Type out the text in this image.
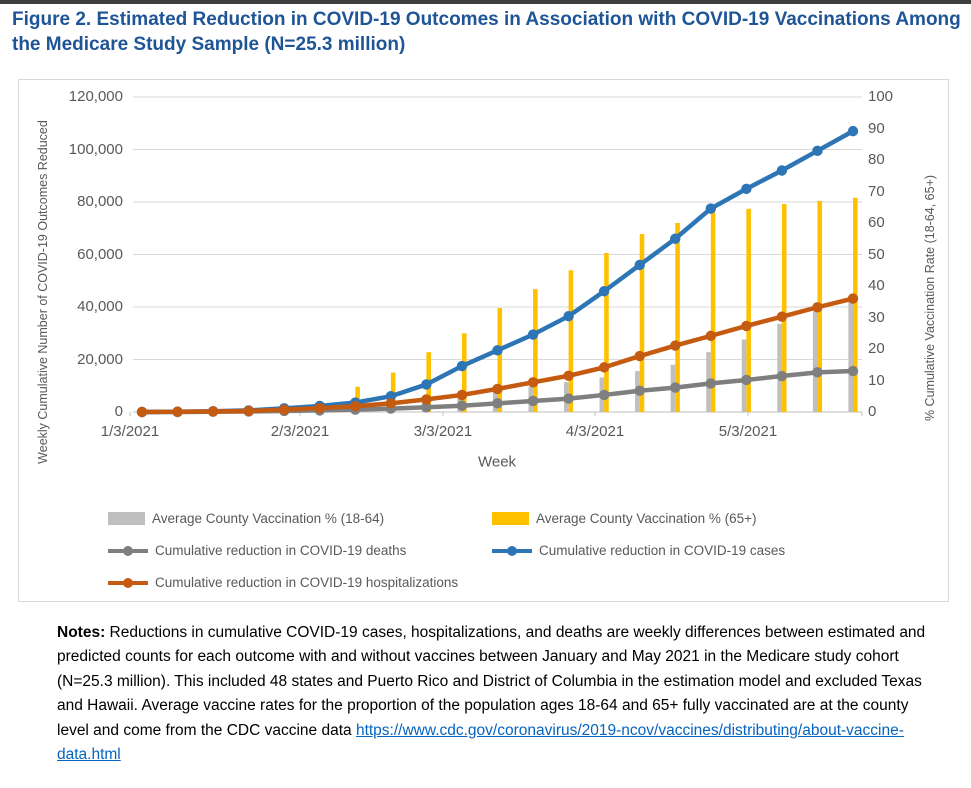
Figure 2. Estimated Reduction in COVID-19 Outcomes in Association with COVID-19 Vaccinations Among the Medicare Study Sample (N=25.3 million)
Weekly Cumulative Number of COVID-19 Outcomes Reduced	% Cumulative Vaccination Rate (18-64, 65+)
Week
0
20,000
40,000
60,000
80,000
100,000
120,000
0
10
20
30
40
50
60
70
80
90
100
1/3/2021	2/3/2021	3/3/2021	4/3/2021	5/3/2021
Average County Vaccination % (18-64)	Average County Vaccination % (65+)
Cumulative reduction in COVID-19 deaths	Cumulative reduction in COVID-19 cases
Cumulative reduction in COVID-19 hospitalizations
Notes: Reductions in cumulative COVID-19 cases, hospitalizations, and deaths are weekly differences between estimated and predicted counts for each outcome with and without vaccines between January and May 2021 in the Medicare study cohort (N=25.3 million). This included 48 states and Puerto Rico and District of Columbia in the estimation model and excluded Texas and Hawaii. Average vaccine rates for the proportion of the population ages 18-64 and 65+ fully vaccinated are at the county level and come from the CDC vaccine data https://www.cdc.gov/coronavirus/2019-ncov/vaccines/distributing/about-vaccine-data.html
